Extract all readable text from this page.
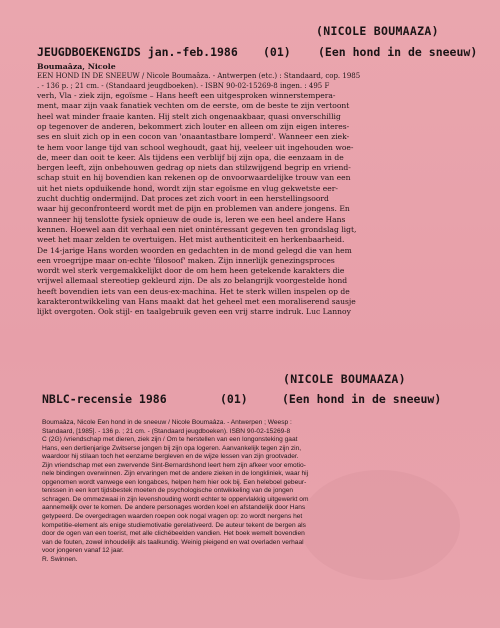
(NICOLE BOUMAAZA)
JEUGDBOEKENGIDS jan.-feb.1986 (01) (Een hond in de sneeuw)
Boumaâza, Nicole
EEN HOND IN DE SNEEUW / Nicole Boumaâza. - Antwerpen (etc.) : Standaard, cop. 1985
. - 136 p. ; 21 cm. - (Standaard jeugdboeken). - ISBN 90-02-15269-8 ingen. : 495 F

verh, Vla - ziek zijn, egoïsme – Hans heeft een uitgesproken winnerstempera-

ment, maar zijn vaak fanatiek vechten om de eerste, om de beste te zijn vertoont

heel wat minder fraaie kanten. Hij stelt zich ongenaakbaar, quasi onverschillig

op tegenover de anderen, bekommert zich louter en alleen om zijn eigen interes-

ses en sluit zich op in een cocon van 'onaantastbare lomperd'. Wanneer een ziek-

te hem voor lange tijd van school weghoudt, gaat hij, veeleer uit ingehouden woe-

de, meer dan ooit te keer. Als tijdens een verblijf bij zijn opa, die eenzaam in de

bergen leeft, zijn onbehouwen gedrag op niets dan stilzwijgend begrip en vriend-

schap stuit en hij bovendien kan rekenen op de onvoorwaardelijke trouw van een

uit het niets opduikende hond, wordt zijn star egoïsme en vlug gekwetste eer-

zucht duchtig ondermijnd. Dat proces zet zich voort in een herstellingsoord

waar hij geconfronteerd wordt met de pijn en problemen van andere jongens. En

wanneer hij tenslotte fysiek opnieuw de oude is, leren we een heel andere Hans

kennen. Hoewel aan dit verhaal een niet onintéressant gegeven ten grondslag ligt,

weet het maar zelden te overtuigen. Het mist authenticiteit en herkenbaarheid.

De 14-jarige Hans worden woorden en gedachten in de mond gelegd die van hem

een vroegrijpe maar on-echte 'filosoof' maken. Zijn innerlijk genezingsproces

wordt wel sterk vergemakkelijkt door de om hem heen getekende karakters die

vrijwel allemaal stereotiep gekleurd zijn. De als zo belangrijk voorgestelde hond

heeft bovendien iets van een deus-ex-machina. Het te sterk willen inspelen op de

karakterontwikkeling van Hans maakt dat het geheel met een moraliserend sausje

lijkt overgoten. Ook stijl- en taalgebruik geven een vrij starre indruk. Luc Lannoy

(NICOLE BOUMAAZA)
NBLC-recensie 1986	(01)	(Een hond in de sneeuw)

Boumaâza, Nicole Een hond in de sneeuw / Nicole Boumaâza. - Antwerpen ; Weesp :

Standaard, [1985]. - 136 p. ; 21 cm. - (Standaard jeugdboeken). ISBN 90-02-15269-8

C (2G) /vriendschap met dieren, ziek zijn / Om te herstellen van een longonsteking gaat

Hans, een dertienjarige Zwitserse jongen bij zijn opa logeren. Aanvankelijk tegen zijn zin,

waardoor hij stilaan toch het eenzame bergleven en de wijze lessen van zijn grootvader.

Zijn vriendschap met een zwervende Sint-Bernardshond leert hem zijn afkeer voor emotio-

nele bindingen overwinnen. Zijn ervaringen met de andere zieken in de longkliniek, waar hij

opgenomen wordt vanwege een longabces, helpen hem hier ook bij. Een heleboel gebeur-

tenissen in een kort tijdsbestek moeten de psychologische ontwikkeling van de jongen

schragen. De ommezwaai in zijn levenshouding wordt echter te oppervlakkig uitgewerkt om

aannemelijk over te komen. De andere personages worden koel en afstandelijk door Hans

getypeerd. De overgedragen waarden roepen ook nogal vragen op: zo wordt nergens het

kompetitie-element als enige studiemotivatie gerelativeerd. De auteur tekent de bergen als

door de ogen van een toerist, met alle clichébeelden vandien. Het boek wemelt bovendien

van de fouten, zowel inhoudelijk als taalkundig. Weinig pieigend en wat overladen verhaal

voor jongeren vanaf 12 jaar.

R. Swinnen.
